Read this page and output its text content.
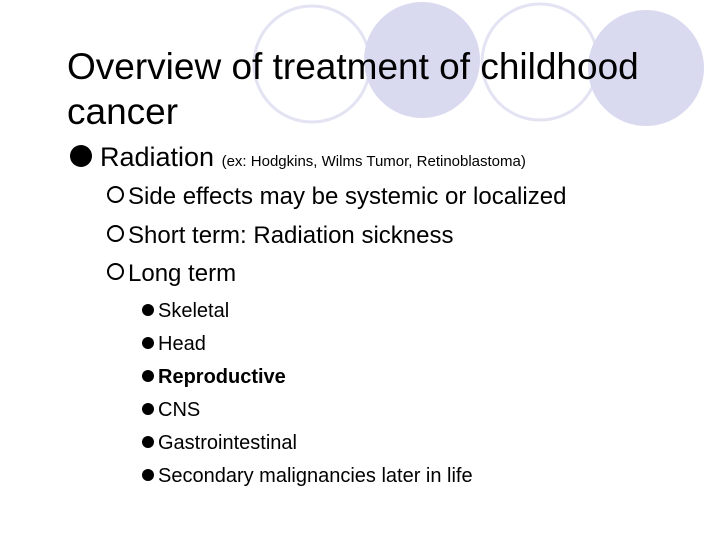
Overview of treatment of childhood cancer
Radiation (ex: Hodgkins, Wilms Tumor, Retinoblastoma)
Side effects may be systemic or localized
Short term: Radiation sickness
Long term
Skeletal
Head
Reproductive
CNS
Gastrointestinal
Secondary malignancies later in life
